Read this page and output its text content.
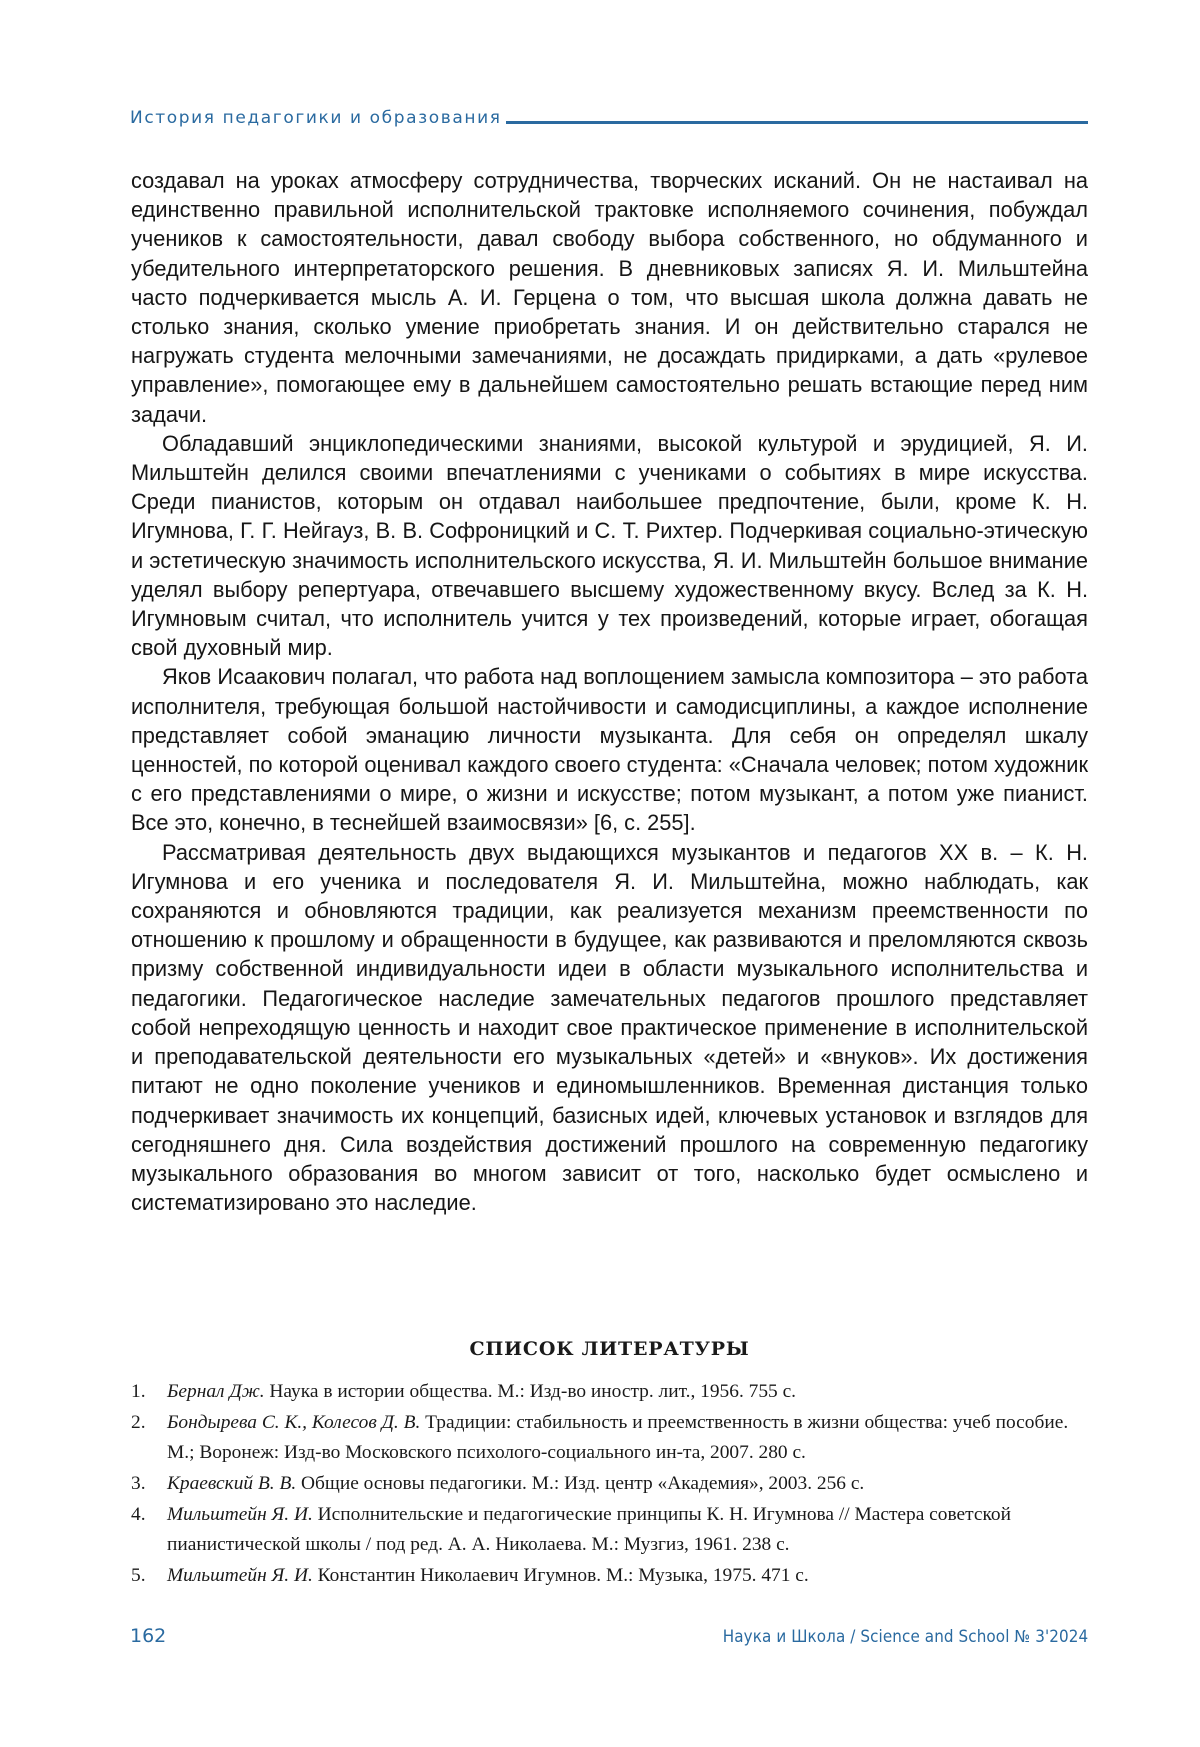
История педагогики и образования

создавал на уроках атмосферу сотрудничества, творческих исканий. Он не настаивал на единственно правильной исполнительской трактовке исполняемого сочинения, побуждал учеников к самостоятельности, давал свободу выбора собственного, но обдуманного и убедительного интерпретаторского решения. В дневниковых записях Я. И. Мильштейна часто подчеркивается мысль А. И. Герцена о том, что высшая школа должна давать не столько знания, сколько умение приобретать знания. И он действительно старался не нагружать студента мелочными замечаниями, не досаждать придирками, а дать «рулевое управление», помогающее ему в дальнейшем самостоятельно решать встающие перед ним задачи.

Обладавший энциклопедическими знаниями, высокой культурой и эрудицией, Я. И. Мильштейн делился своими впечатлениями с учениками о событиях в мире искусства. Среди пианистов, которым он отдавал наибольшее предпочтение, были, кроме К. Н. Игумнова, Г. Г. Нейгауз, В. В. Софроницкий и С. Т. Рихтер. Подчеркивая социально-этическую и эстетическую значимость исполнительского искусства, Я. И. Мильштейн большое внимание уделял выбору репертуара, отвечавшего высшему художественному вкусу. Вслед за К. Н. Игумновым считал, что исполнитель учится у тех произведений, которые играет, обогащая свой духовный мир.

Яков Исаакович полагал, что работа над воплощением замысла композитора – это работа исполнителя, требующая большой настойчивости и самодисциплины, а каждое исполнение представляет собой эманацию личности музыканта. Для себя он определял шкалу ценностей, по которой оценивал каждого своего студента: «Сначала человек; потом художник с его представлениями о мире, о жизни и искусстве; потом музыкант, а потом уже пианист. Все это, конечно, в теснейшей взаимосвязи» [6, с. 255].

Рассматривая деятельность двух выдающихся музыкантов и педагогов XX в. – К. Н. Игумнова и его ученика и последователя Я. И. Мильштейна, можно наблюдать, как сохраняются и обновляются традиции, как реализуется механизм преемственности по отношению к прошлому и обращенности в будущее, как развиваются и преломляются сквозь призму собственной индивидуальности идеи в области музыкального исполнительства и педагогики. Педагогическое наследие замечательных педагогов прошлого представляет собой непреходящую ценность и находит свое практическое применение в исполнительской и преподавательской деятельности его музыкальных «детей» и «внуков». Их достижения питают не одно поколение учеников и единомышленников. Временная дистанция только подчеркивает значимость их концепций, базисных идей, ключевых установок и взглядов для сегодняшнего дня. Сила воздействия достижений прошлого на современную педагогику музыкального образования во многом зависит от того, насколько будет осмыслено и систематизировано это наследие.

СПИСОК ЛИТЕРАТУРЫ
1. Бернал Дж. Наука в истории общества. М.: Изд-во иностр. лит., 1956. 755 с.
2. Бондырева С. К., Колесов Д. В. Традиции: стабильность и преемственность в жизни общества: учеб пособие. М.; Воронеж: Изд-во Московского психолого-социального ин-та, 2007. 280 с.
3. Краевский В. В. Общие основы педагогики. М.: Изд. центр «Академия», 2003. 256 с.
4. Мильштейн Я. И. Исполнительские и педагогические принципы К. Н. Игумнова // Мастера советской пианистической школы / под ред. А. А. Николаева. М.: Музгиз, 1961. 238 с.
5. Мильштейн Я. И. Константин Николаевич Игумнов. М.: Музыка, 1975. 471 с.
162	Наука и Школа / Science and School № 3'2024
